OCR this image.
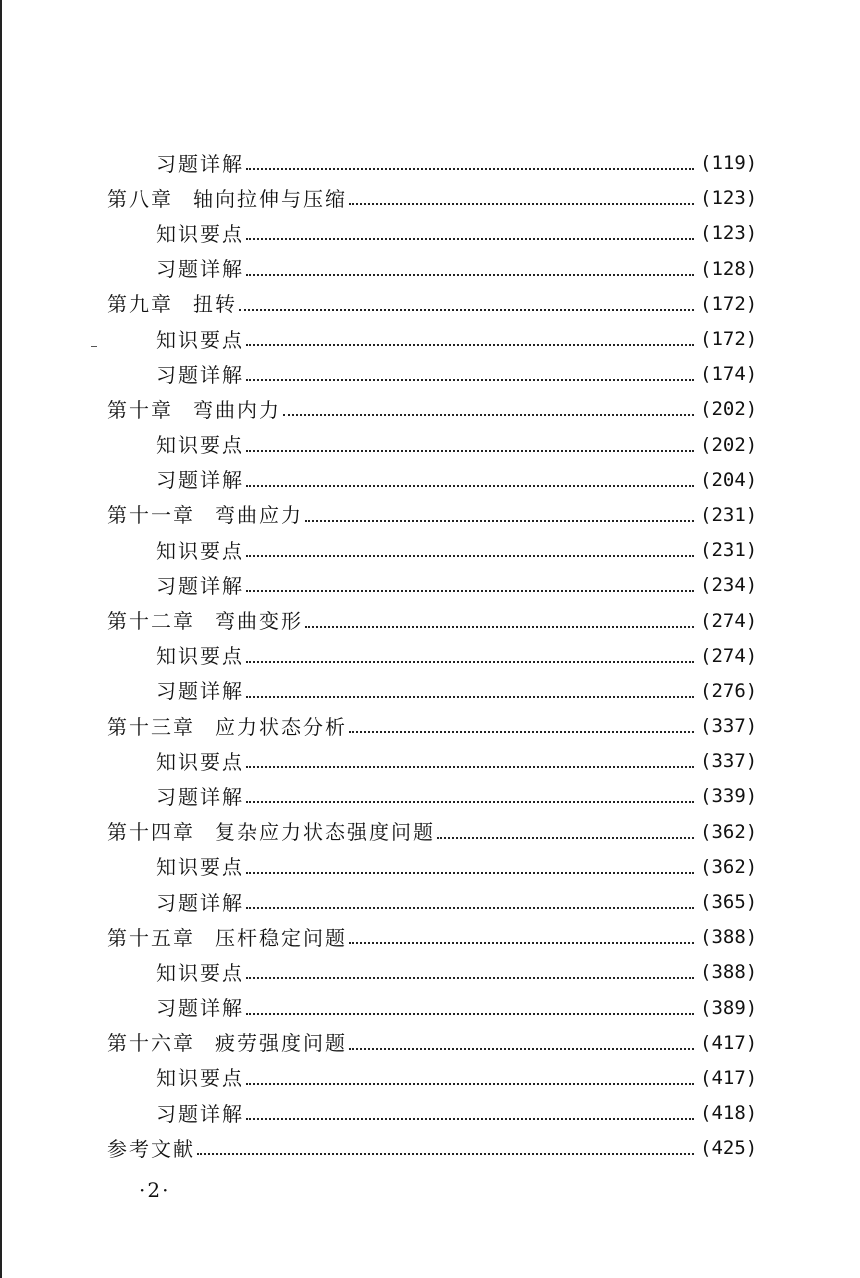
习题详解	(119)
第八章 轴向拉伸与压缩	(123)
知识要点	(123)
习题详解	(128)
第九章 扭转	(172)
知识要点	(172)
习题详解	(174)
第十章 弯曲内力	(202)
知识要点	(202)
习题详解	(204)
第十一章 弯曲应力	(231)
知识要点	(231)
习题详解	(234)
第十二章 弯曲变形	(274)
知识要点	(274)
习题详解	(276)
第十三章 应力状态分析	(337)
知识要点	(337)
习题详解	(339)
第十四章 复杂应力状态强度问题	(362)
知识要点	(362)
习题详解	(365)
第十五章 压杆稳定问题	(388)
知识要点	(388)
习题详解	(389)
第十六章 疲劳强度问题	(417)
知识要点	(417)
习题详解	(418)
参考文献	(425)
·2·
